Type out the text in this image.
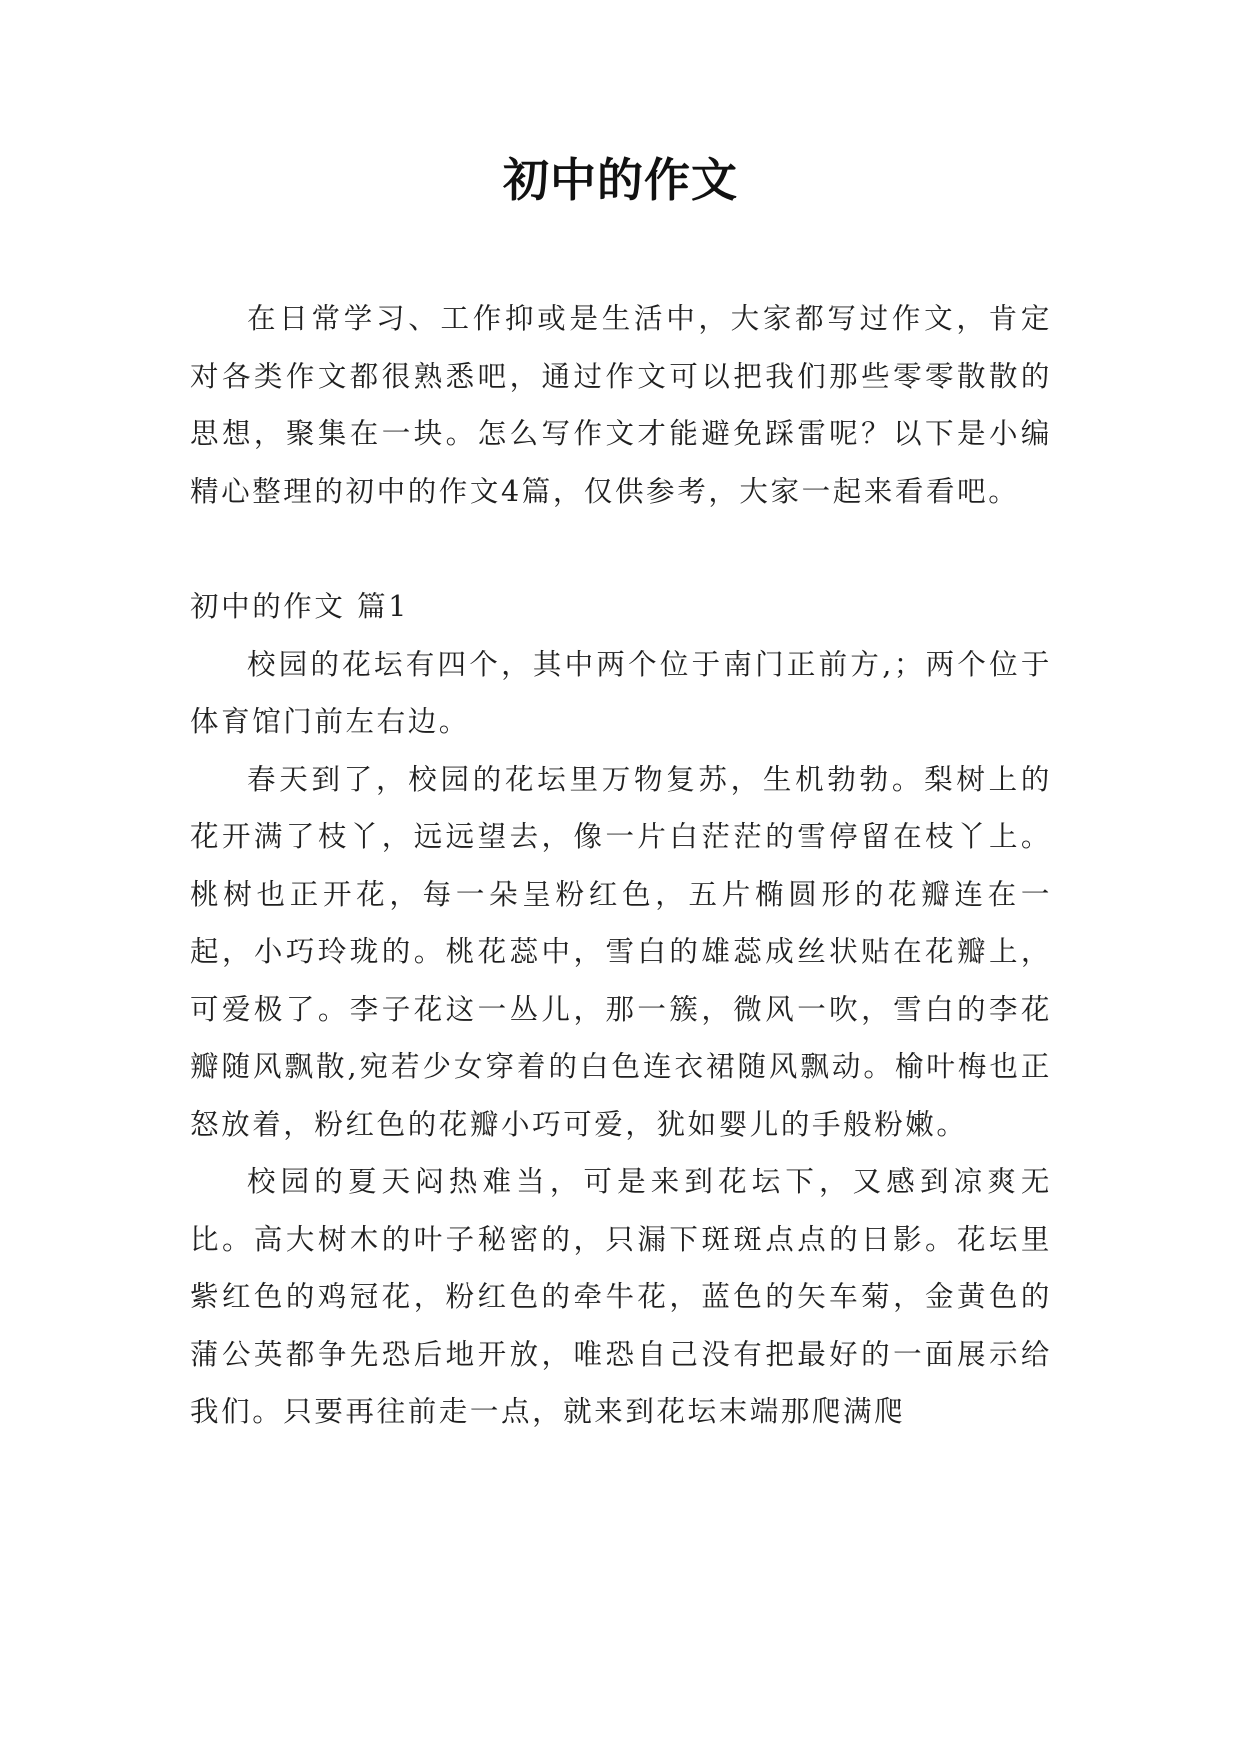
初中的作文

在日常学习、工作抑或是生活中，大家都写过作文，肯定对各类作文都很熟悉吧，通过作文可以把我们那些零零散散的思想，聚集在一块。怎么写作文才能避免踩雷呢？以下是小编精心整理的初中的作文4篇，仅供参考，大家一起来看看吧。

初中的作文 篇1

校园的花坛有四个，其中两个位于南门正前方,；两个位于体育馆门前左右边。

春天到了，校园的花坛里万物复苏，生机勃勃。梨树上的花开满了枝丫，远远望去，像一片白茫茫的雪停留在枝丫上。桃树也正开花，每一朵呈粉红色，五片椭圆形的花瓣连在一起，小巧玲珑的。桃花蕊中，雪白的雄蕊成丝状贴在花瓣上，可爱极了。李子花这一丛儿，那一簇，微风一吹，雪白的李花瓣随风飘散,宛若少女穿着的白色连衣裙随风飘动。榆叶梅也正怒放着，粉红色的花瓣小巧可爱，犹如婴儿的手般粉嫩。

校园的夏天闷热难当，可是来到花坛下，又感到凉爽无比。高大树木的叶子秘密的，只漏下斑斑点点的日影。花坛里紫红色的鸡冠花，粉红色的牵牛花，蓝色的矢车菊，金黄色的蒲公英都争先恐后地开放，唯恐自己没有把最好的一面展示给我们。只要再往前走一点，就来到花坛末端那爬满爬
